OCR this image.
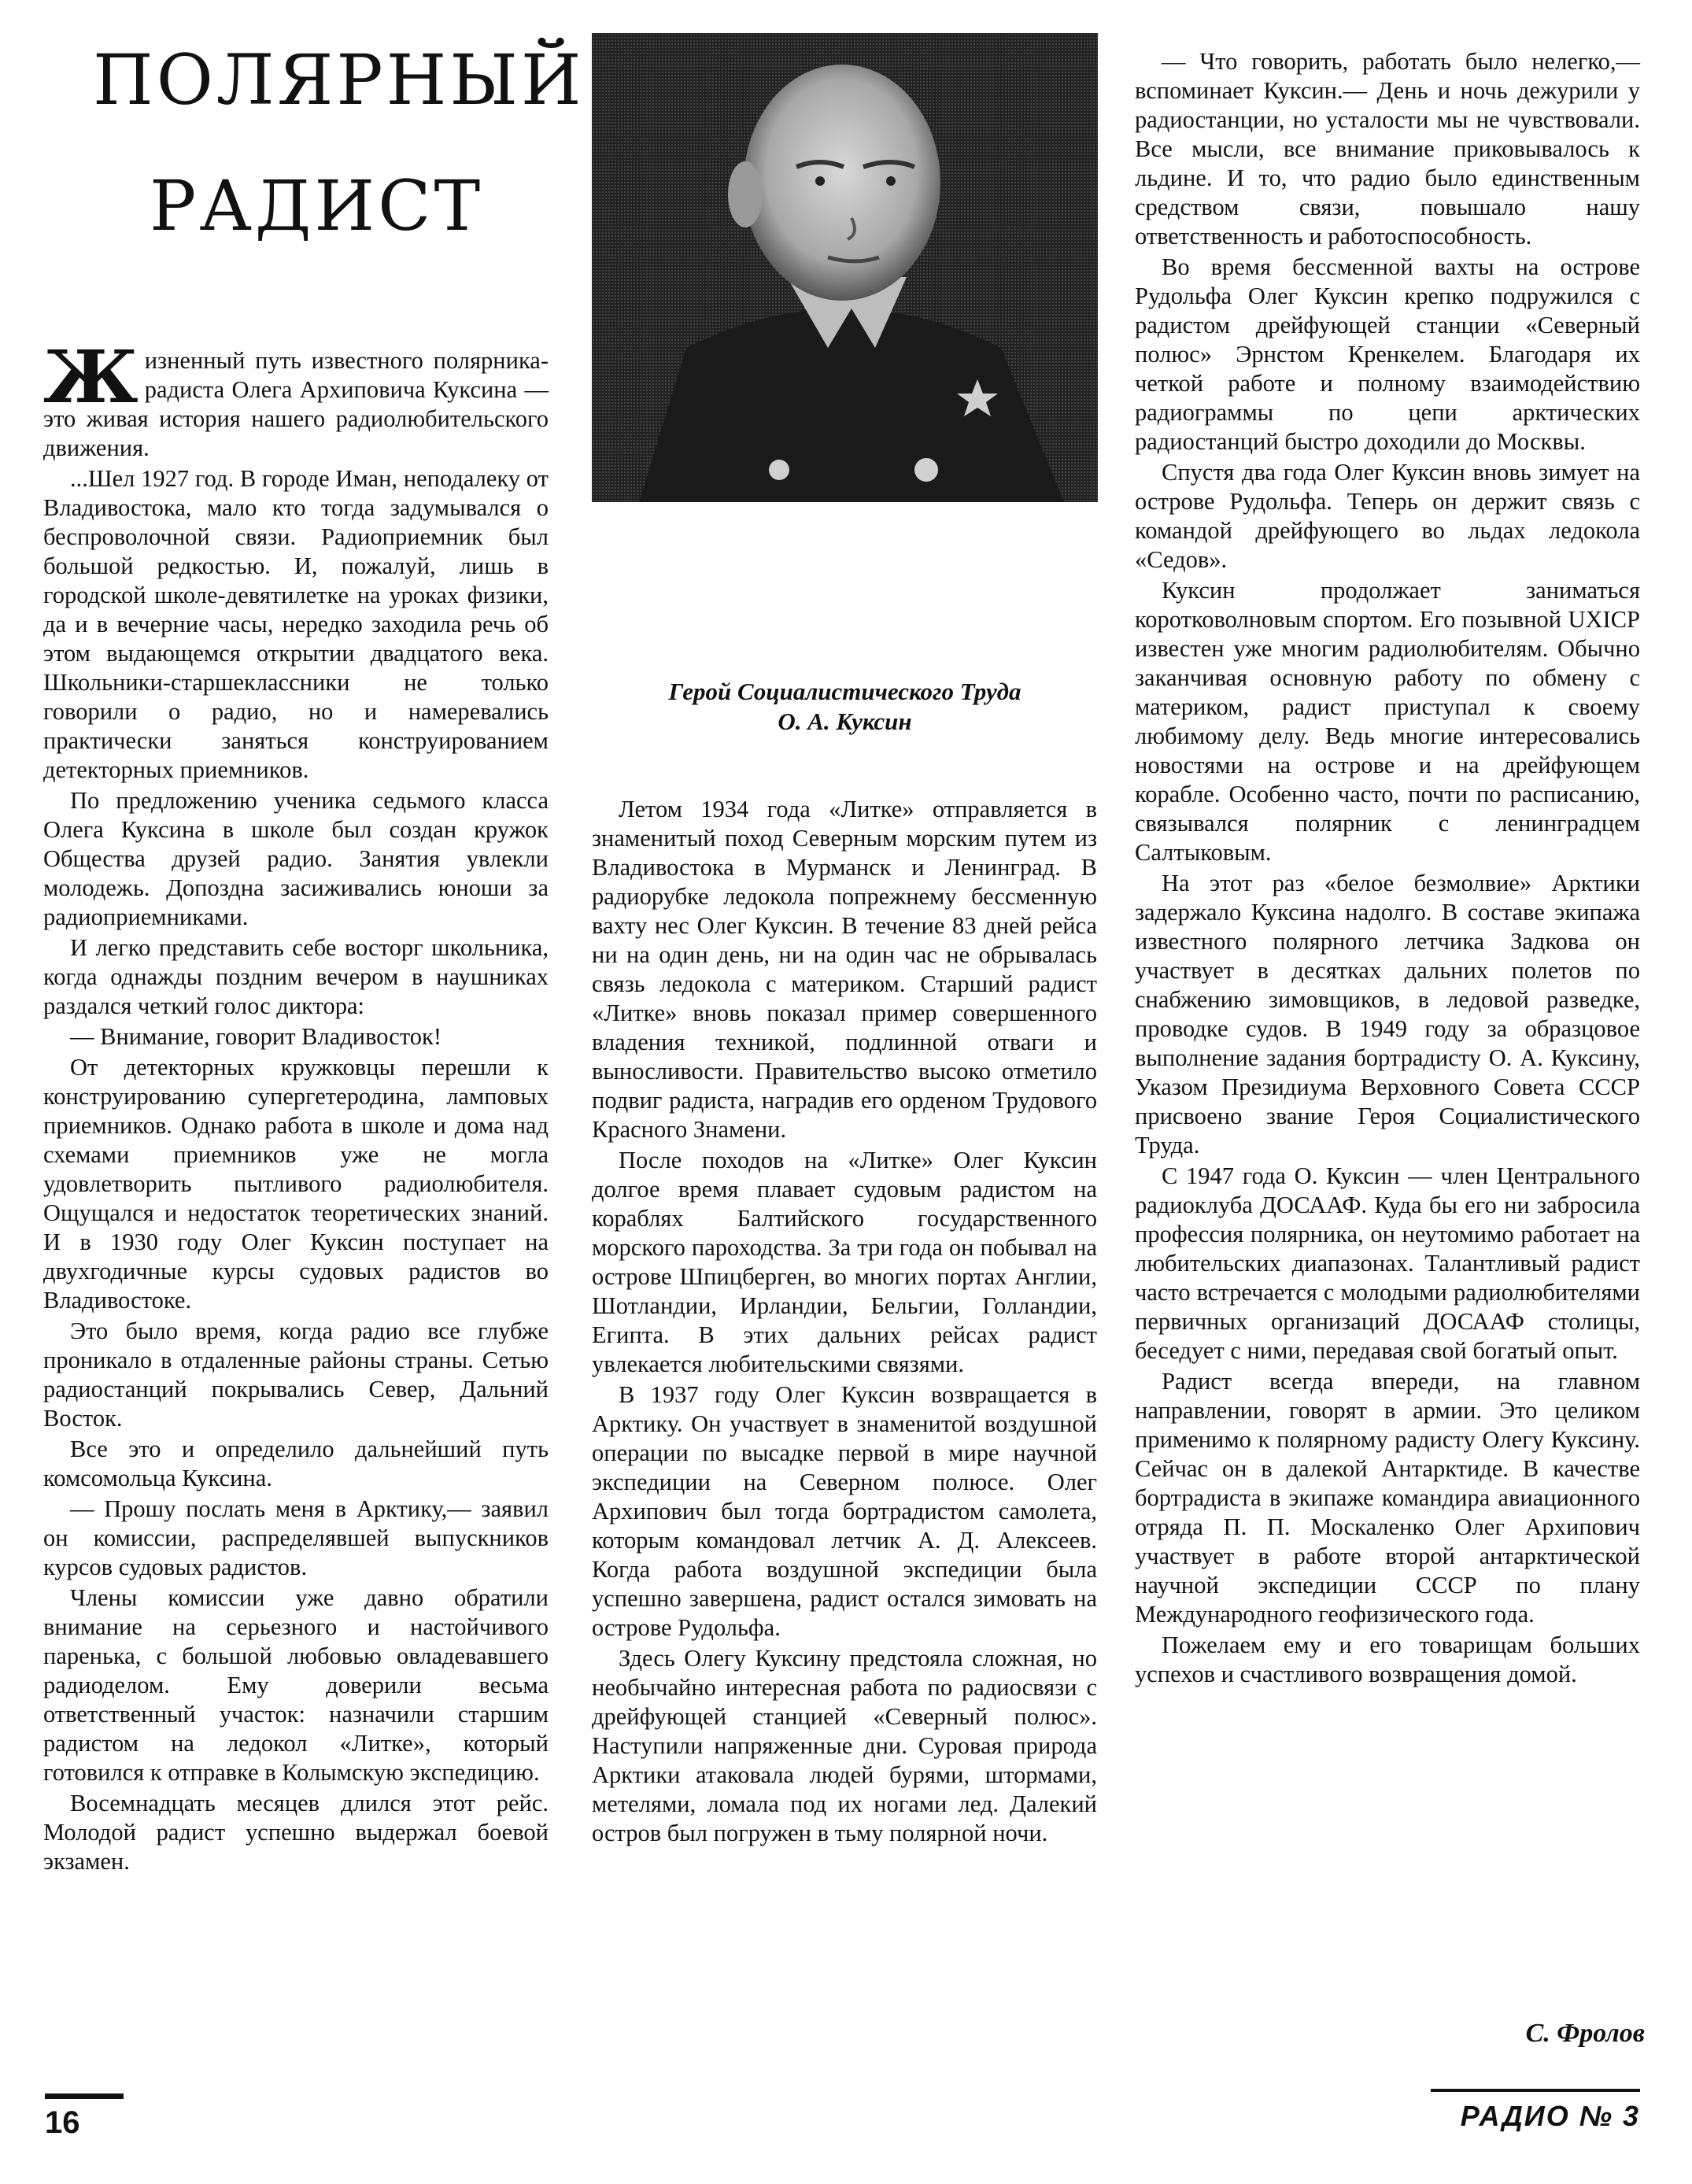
ПОЛЯРНЫЙ
РАДИСТ
Герой Социалистического Труда
О. А. Куксин

Жизненный путь известного полярника-радиста Олега Архиповича Куксина — это живая история нашего радиолюбительского движения.

...Шел 1927 год. В городе Иман, неподалеку от Владивостока, мало кто тогда задумывался о беспроволочной связи. Радиоприемник был большой редкостью. И, пожалуй, лишь в городской школе-девятилетке на уроках физики, да и в вечерние часы, нередко заходила речь об этом выдающемся открытии двадцатого века. Школьники-старшеклассники не только говорили о радио, но и намеревались практически заняться конструированием детекторных приемников.

По предложению ученика седьмого класса Олега Куксина в школе был создан кружок Общества друзей радио. Занятия увлекли молодежь. Допоздна засиживались юноши за радиоприемниками.

И легко представить себе восторг школьника, когда однажды поздним вечером в наушниках раздался четкий голос диктора:

— Внимание, говорит Владивосток!

От детекторных кружковцы перешли к конструированию супергетеродина, ламповых приемников. Однако работа в школе и дома над схемами приемников уже не могла удовлетворить пытливого радиолюбителя. Ощущался и недостаток теоретических знаний. И в 1930 году Олег Куксин поступает на двухгодичные курсы судовых радистов во Владивостоке.

Это было время, когда радио все глубже проникало в отдаленные районы страны. Сетью радиостанций покрывались Север, Дальний Восток.

Все это и определило дальнейший путь комсомольца Куксина.

— Прошу послать меня в Арктику,— заявил он комиссии, распределявшей выпускников курсов судовых радистов.

Члены комиссии уже давно обратили внимание на серьезного и настойчивого паренька, с большой любовью овладевавшего радиоделом. Ему доверили весьма ответственный участок: назначили старшим радистом на ледокол «Литке», который готовился к отправке в Колымскую экспедицию.

Восемнадцать месяцев длился этот рейс. Молодой радист успешно выдержал боевой экзамен.

Летом 1934 года «Литке» отправляется в знаменитый поход Северным морским путем из Владивостока в Мурманск и Ленинград. В радиорубке ледокола попрежнему бессменную вахту нес Олег Куксин. В течение 83 дней рейса ни на один день, ни на один час не обрывалась связь ледокола с материком. Старший радист «Литке» вновь показал пример совершенного владения техникой, подлинной отваги и выносливости. Правительство высоко отметило подвиг радиста, наградив его орденом Трудового Красного Знамени.

После походов на «Литке» Олег Куксин долгое время плавает судовым радистом на кораблях Балтийского государственного морского пароходства. За три года он побывал на острове Шпицберген, во многих портах Англии, Шотландии, Ирландии, Бельгии, Голландии, Египта. В этих дальних рейсах радист увлекается любительскими связями.

В 1937 году Олег Куксин возвращается в Арктику. Он участвует в знаменитой воздушной операции по высадке первой в мире научной экспедиции на Северном полюсе. Олег Архипович был тогда бортрадистом самолета, которым командовал летчик А. Д. Алексеев. Когда работа воздушной экспедиции была успешно завершена, радист остался зимовать на острове Рудольфа.

Здесь Олегу Куксину предстояла сложная, но необычайно интересная работа по радиосвязи с дрейфующей станцией «Северный полюс». Наступили напряженные дни. Суровая природа Арктики атаковала людей бурями, штормами, метелями, ломала под их ногами лед. Далекий остров был погружен в тьму полярной ночи.

— Что говорить, работать было нелегко,— вспоминает Куксин.— День и ночь дежурили у радиостанции, но усталости мы не чувствовали. Все мысли, все внимание приковывалось к льдине. И то, что радио было единственным средством связи, повышало нашу ответственность и работоспособность.

Во время бессменной вахты на острове Рудольфа Олег Куксин крепко подружился с радистом дрейфующей станции «Северный полюс» Эрнстом Кренкелем. Благодаря их четкой работе и полному взаимодействию радиограммы по цепи арктических радиостанций быстро доходили до Москвы.

Спустя два года Олег Куксин вновь зимует на острове Рудольфа. Теперь он держит связь с командой дрейфующего во льдах ледокола «Седов».

Куксин продолжает заниматься коротковолновым спортом. Его позывной UXICP известен уже многим радиолюбителям. Обычно заканчивая основную работу по обмену с материком, радист приступал к своему любимому делу. Ведь многие интересовались новостями на острове и на дрейфующем корабле. Особенно часто, почти по расписанию, связывался полярник с ленинградцем Салтыковым.

На этот раз «белое безмолвие» Арктики задержало Куксина надолго. В составе экипажа известного полярного летчика Задкова он участвует в десятках дальних полетов по снабжению зимовщиков, в ледовой разведке, проводке судов. В 1949 году за образцовое выполнение задания бортрадисту О. А. Куксину, Указом Президиума Верховного Совета СССР присвоено звание Героя Социалистического Труда.

С 1947 года О. Куксин — член Центрального радиоклуба ДОСААФ. Куда бы его ни забросила профессия полярника, он неутомимо работает на любительских диапазонах. Талантливый радист часто встречается с молодыми радиолюбителями первичных организаций ДОСААФ столицы, беседует с ними, передавая свой богатый опыт.

Радист всегда впереди, на главном направлении, говорят в армии. Это целиком применимо к полярному радисту Олегу Куксину. Сейчас он в далекой Антарктиде. В качестве бортрадиста в экипаже командира авиационного отряда П. П. Москаленко Олег Архипович участвует в работе второй антарктической научной экспедиции СССР по плану Международного геофизического года.

Пожелаем ему и его товарищам больших успехов и счастливого возвращения домой.

С. Фролов
16	РАДИО № 3
